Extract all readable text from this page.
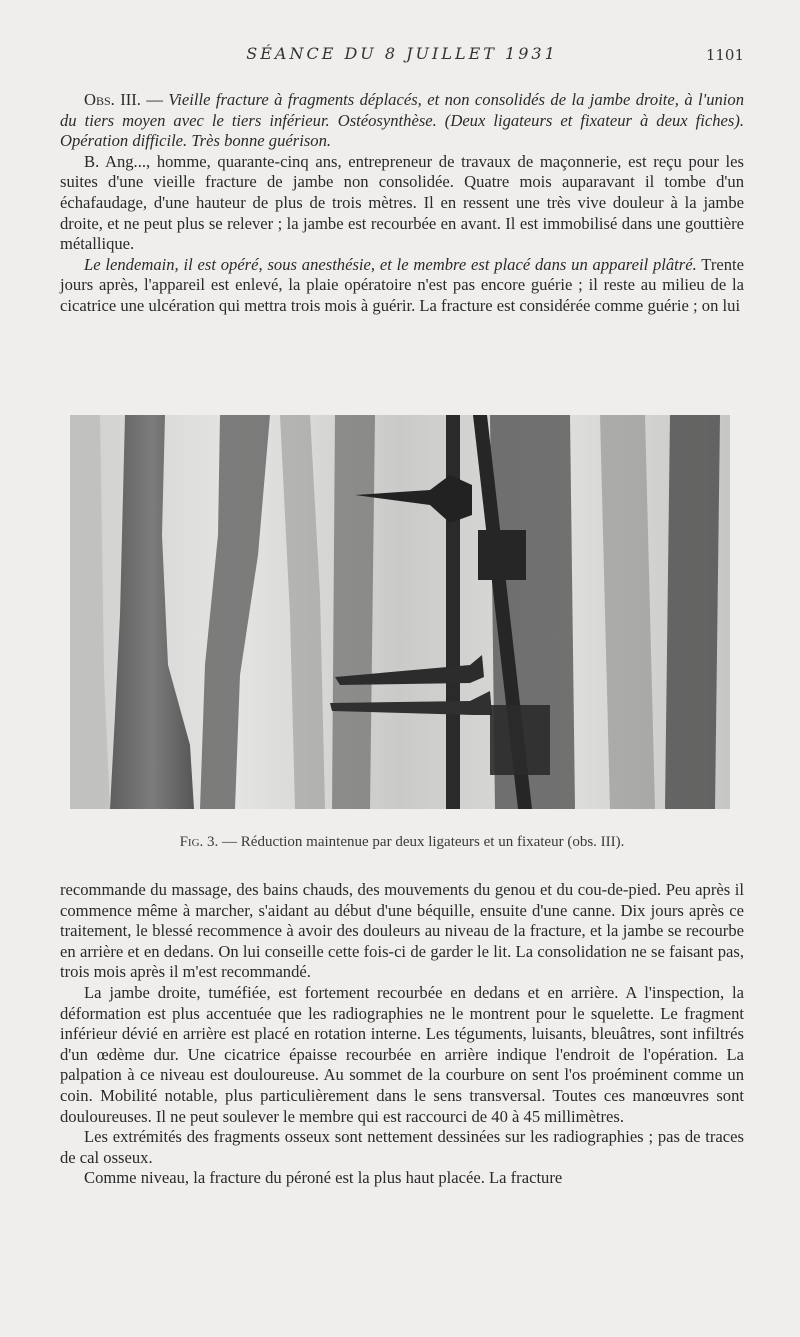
SÉANCE DU 8 JUILLET 1931	1101

Obs. III. — Vieille fracture à fragments déplacés, et non consolidés de la jambe droite, à l'union du tiers moyen avec le tiers inférieur. Ostéosynthèse. (Deux ligateurs et fixateur à deux fiches). Opération difficile. Très bonne guérison.

B. Ang..., homme, quarante-cinq ans, entrepreneur de travaux de maçonnerie, est reçu pour les suites d'une vieille fracture de jambe non consolidée. Quatre mois auparavant il tombe d'un échafaudage, d'une hauteur de plus de trois mètres. Il en ressent une très vive douleur à la jambe droite, et ne peut plus se relever ; la jambe est recourbée en avant. Il est immobilisé dans une gouttière métallique.

Le lendemain, il est opéré, sous anesthésie, et le membre est placé dans un appareil plâtré. Trente jours après, l'appareil est enlevé, la plaie opératoire n'est pas encore guérie ; il reste au milieu de la cicatrice une ulcération qui mettra trois mois à guérir. La fracture est considérée comme guérie ; on lui

Fig. 3. — Réduction maintenue par deux ligateurs et un fixateur (obs. III).

recommande du massage, des bains chauds, des mouvements du genou et du cou-de-pied. Peu après il commence même à marcher, s'aidant au début d'une béquille, ensuite d'une canne. Dix jours après ce traitement, le blessé recommence à avoir des douleurs au niveau de la fracture, et la jambe se recourbe en arrière et en dedans. On lui conseille cette fois-ci de garder le lit. La consolidation ne se faisant pas, trois mois après il m'est recommandé.

La jambe droite, tuméfiée, est fortement recourbée en dedans et en arrière. A l'inspection, la déformation est plus accentuée que les radiographies ne le montrent pour le squelette. Le fragment inférieur dévié en arrière est placé en rotation interne. Les téguments, luisants, bleuâtres, sont infiltrés d'un œdème dur. Une cicatrice épaisse recourbée en arrière indique l'endroit de l'opération. La palpation à ce niveau est douloureuse. Au sommet de la courbure on sent l'os proéminent comme un coin. Mobilité notable, plus particulièrement dans le sens transversal. Toutes ces manœuvres sont douloureuses. Il ne peut soulever le membre qui est raccourci de 40 à 45 millimètres.

Les extrémités des fragments osseux sont nettement dessinées sur les radiographies ; pas de traces de cal osseux.

Comme niveau, la fracture du péroné est la plus haut placée. La fracture
